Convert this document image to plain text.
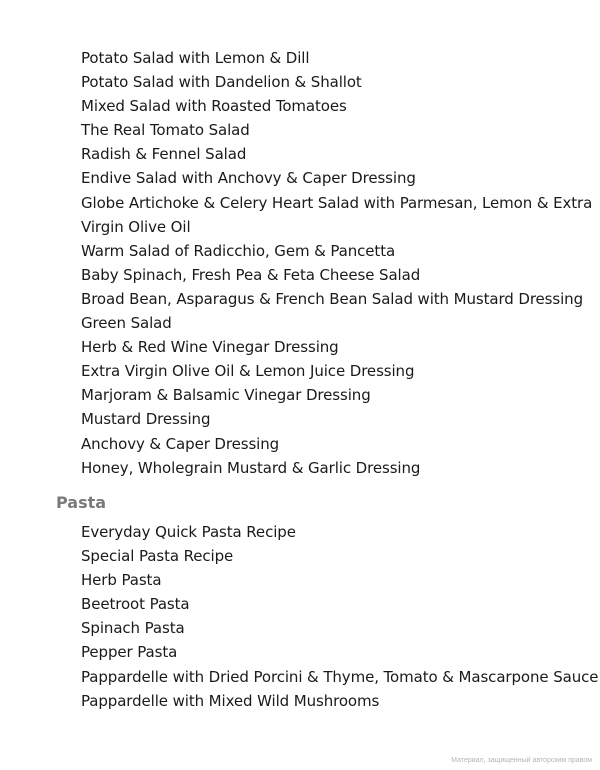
Potato Salad with Lemon & Dill
Potato Salad with Dandelion & Shallot
Mixed Salad with Roasted Tomatoes
The Real Tomato Salad
Radish & Fennel Salad
Endive Salad with Anchovy & Caper Dressing
Globe Artichoke & Celery Heart Salad with Parmesan, Lemon & Extra
Virgin Olive Oil
Warm Salad of Radicchio, Gem & Pancetta
Baby Spinach, Fresh Pea & Feta Cheese Salad
Broad Bean, Asparagus & French Bean Salad with Mustard Dressing
Green Salad
Herb & Red Wine Vinegar Dressing
Extra Virgin Olive Oil & Lemon Juice Dressing
Marjoram & Balsamic Vinegar Dressing
Mustard Dressing
Anchovy & Caper Dressing
Honey, Wholegrain Mustard & Garlic Dressing
Pasta
Everyday Quick Pasta Recipe
Special Pasta Recipe
Herb Pasta
Beetroot Pasta
Spinach Pasta
Pepper Pasta
Pappardelle with Dried Porcini & Thyme, Tomato & Mascarpone Sauce
Pappardelle with Mixed Wild Mushrooms
Материал, защищенный авторским правом
